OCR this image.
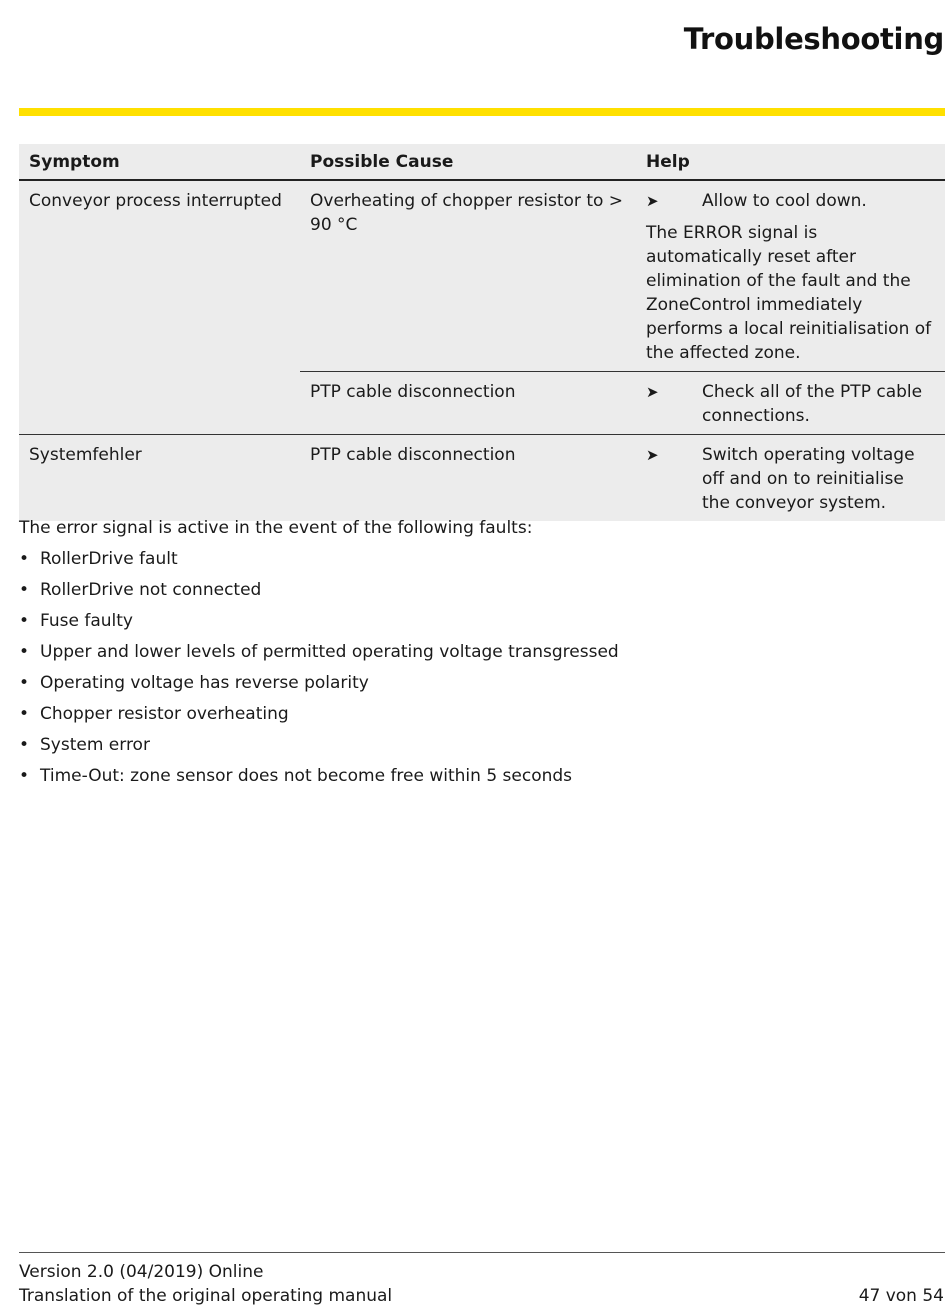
Troubleshooting
Symptom	Possible Cause	Help
Conveyor process interrupted	Overheating of chopper resistor to > 90 °C	➤ Allow to cool down.
The ERROR signal is automatically reset after elimination of the fault and the ZoneControl immediately performs a local reinitialisation of the affected zone.

	PTP cable disconnection	➤ Check all of the PTP cable connections.

Systemfehler	PTP cable disconnection	➤ Switch operating voltage off and on to reinitialise the conveyor system.
The error signal is active in the event of the following faults:
• RollerDrive fault
• RollerDrive not connected
• Fuse faulty
• Upper and lower levels of permitted operating voltage transgressed
• Operating voltage has reverse polarity
• Chopper resistor overheating
• System error
• Time-Out: zone sensor does not become free within 5 seconds
Version 2.0 (04/2019) Online
Translation of the original operating manual	47 von 54
